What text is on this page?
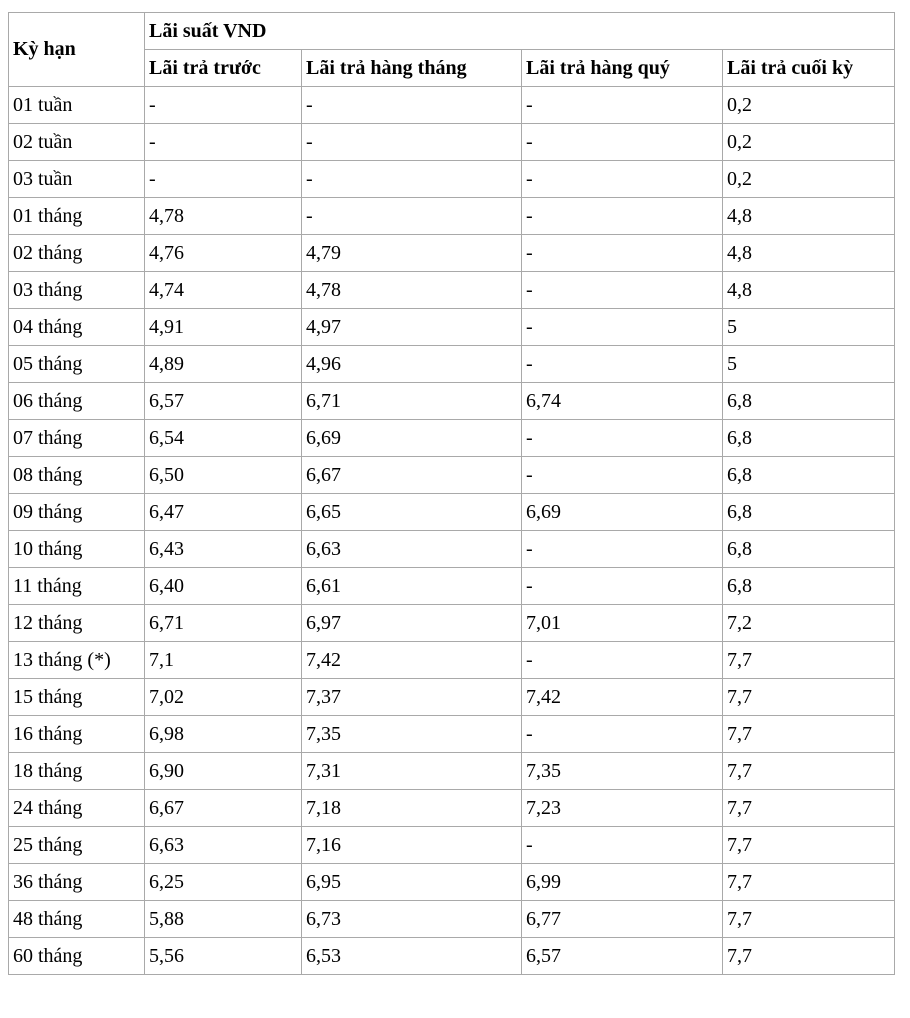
Kỳ hạn	Lãi suất VND			
	Lãi trả trước	Lãi trả hàng tháng	Lãi trả hàng quý	Lãi trả cuối kỳ
01 tuần	-	-	-	0,2
02 tuần	-	-	-	0,2
03 tuần	-	-	-	0,2
01 tháng	4,78	-	-	4,8
02 tháng	4,76	4,79	-	4,8
03 tháng	4,74	4,78	-	4,8
04 tháng	4,91	4,97	-	5
05 tháng	4,89	4,96	-	5
06 tháng	6,57	6,71	6,74	6,8
07 tháng	6,54	6,69	-	6,8
08 tháng	6,50	6,67	-	6,8
09 tháng	6,47	6,65	6,69	6,8
10 tháng	6,43	6,63	-	6,8
11 tháng	6,40	6,61	-	6,8
12 tháng	6,71	6,97	7,01	7,2
13 tháng (*)	7,1	7,42	-	7,7
15 tháng	7,02	7,37	7,42	7,7
16 tháng	6,98	7,35	-	7,7
18 tháng	6,90	7,31	7,35	7,7
24 tháng	6,67	7,18	7,23	7,7
25 tháng	6,63	7,16	-	7,7
36 tháng	6,25	6,95	6,99	7,7
48 tháng	5,88	6,73	6,77	7,7
60 tháng	5,56	6,53	6,57	7,7
